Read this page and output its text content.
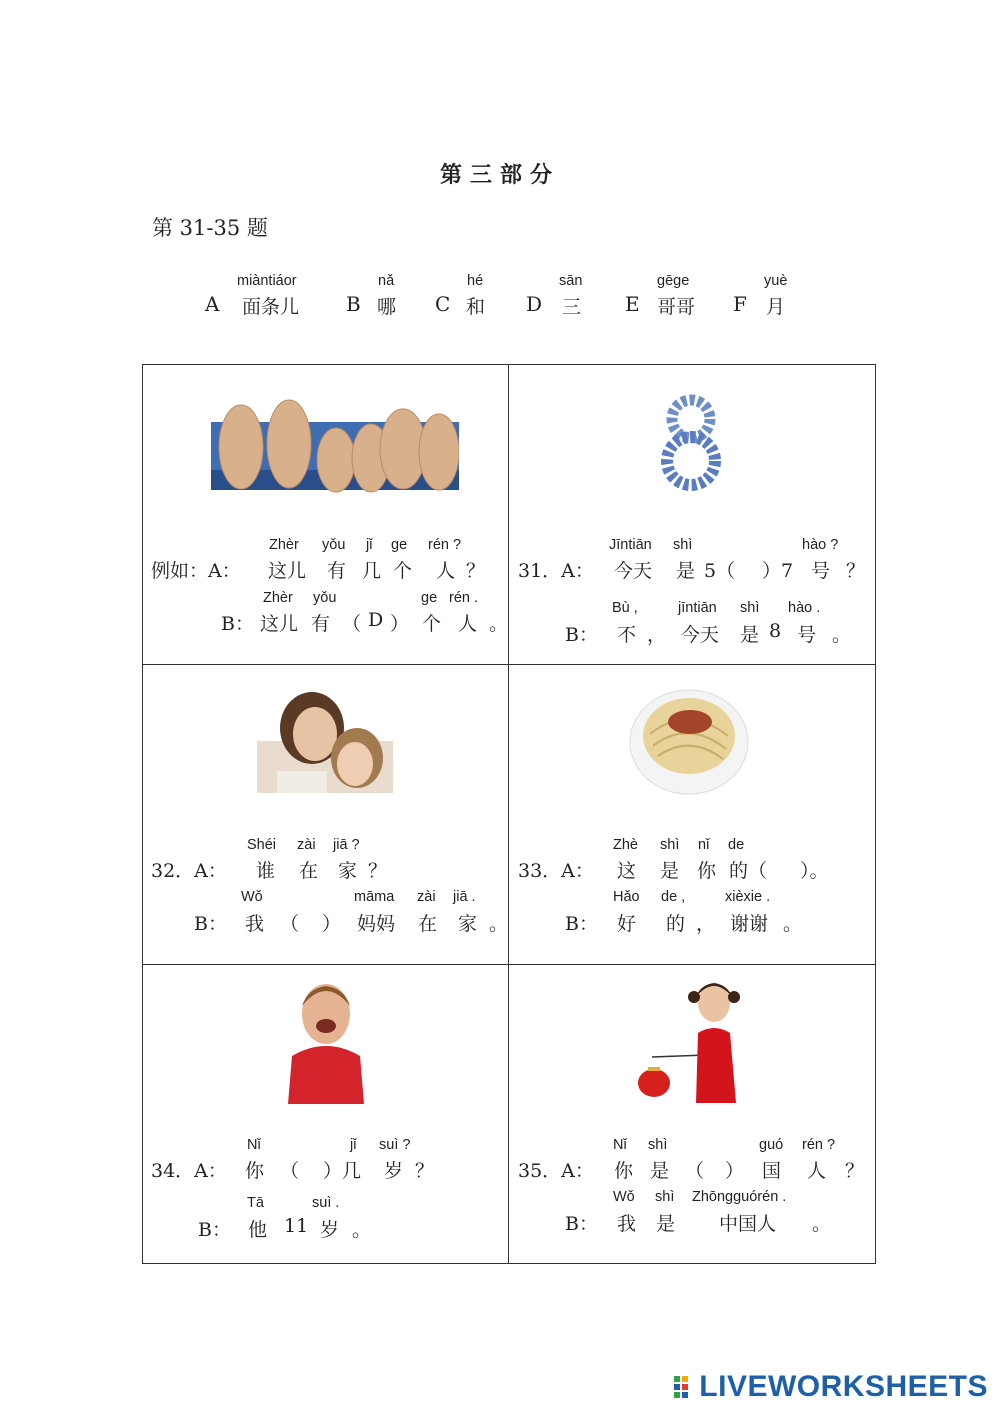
第三部分
第 31-35 题
miàntiáor
A 面条儿
nǎ
B 哪
hé
C 和
sān
D 三
gēge
E 哥哥
yuè
F 月
Zhèr yǒu jǐ ge rén ?
例如：A： 这儿 有 几 个 人 ？
Zhèr yǒu	ge rén .
B： 这儿 有 （ D ） 个 人 。
Jīntiān shì	hào ?
31．A： 今天 是 5（ ）7 号 ？
Bù ,	jīntiān shì hào .
B： 不 ， 今天 是 8 号 。
Shéi zài jiā ?
32．A： 谁 在 家 ？
Wǒ	māma zài jiā .
B： 我 （ ） 妈妈 在 家 。
Zhè shì nǐ de
33．A： 这 是 你 的（ ）。
Hǎo de ,	xièxie .
B： 好 的 ， 谢谢 。
Nǐ	jǐ suì ?
34．A： 你 （ ）几 岁 ？
Tā	suì .
B： 他 11 岁 。
Nǐ shì	guó rén ?
35．A： 你 是 （ ） 国 人 ？
Wǒ shì Zhōngguórén .
B： 我 是 中国人 。
LIVEWORKSHEETS
